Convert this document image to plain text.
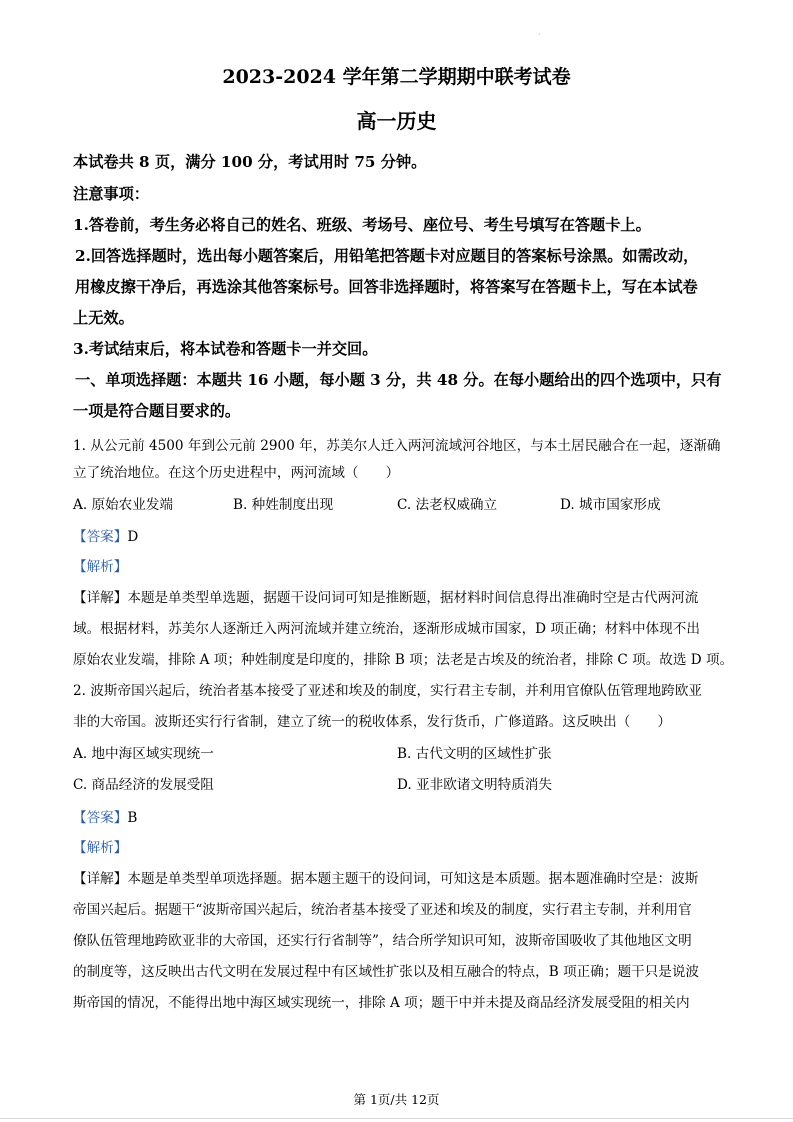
·
2023-2024 学年第二学期期中联考试卷
高一历史
本试卷共 8 页，满分 100 分，考试用时 75 分钟。
注意事项：
1.答卷前，考生务必将自己的姓名、班级、考场号、座位号、考生号填写在答题卡上。
2.回答选择题时，选出每小题答案后，用铅笔把答题卡对应题目的答案标号涂黑。如需改动，
用橡皮擦干净后，再选涂其他答案标号。回答非选择题时，将答案写在答题卡上，写在本试卷
上无效。
3.考试结束后，将本试卷和答题卡一并交回。
一、单项选择题：本题共 16 小题，每小题 3 分，共 48 分。在每小题给出的四个选项中，只有
一项是符合题目要求的。
1. 从公元前 4500 年到公元前 2900 年，苏美尔人迁入两河流域河谷地区，与本土居民融合在一起，逐渐确
立了统治地位。在这个历史进程中，两河流域（　　）
A. 原始农业发端	B. 种姓制度出现	C. 法老权威确立	D. 城市国家形成
【答案】D
【解析】
【详解】本题是单类型单选题，据题干设问词可知是推断题，据材料时间信息得出准确时空是古代两河流
域。根据材料，苏美尔人逐渐迁入两河流域并建立统治，逐渐形成城市国家，D 项正确；材料中体现不出
原始农业发端，排除 A 项；种姓制度是印度的，排除 B 项；法老是古埃及的统治者，排除 C 项。故选 D 项。
2. 波斯帝国兴起后，统治者基本接受了亚述和埃及的制度，实行君主专制，并利用官僚队伍管理地跨欧亚
非的大帝国。波斯还实行行省制，建立了统一的税收体系，发行货币，广修道路。这反映出（　　）
A. 地中海区域实现统一	B. 古代文明的区域性扩张
C. 商品经济的发展受阻	D. 亚非欧诸文明特质消失
【答案】B
【解析】
【详解】本题是单类型单项选择题。据本题主题干的设问词，可知这是本质题。据本题准确时空是：波斯
帝国兴起后。据题干“波斯帝国兴起后，统治者基本接受了亚述和埃及的制度，实行君主专制，并利用官
僚队伍管理地跨欧亚非的大帝国，还实行行省制等”，结合所学知识可知，波斯帝国吸收了其他地区文明
的制度等，这反映出古代文明在发展过程中有区域性扩张以及相互融合的特点，B 项正确；题干只是说波
斯帝国的情况，不能得出地中海区域实现统一，排除 A 项；题干中并未提及商品经济发展受阻的相关内
第 1页/共 12页
